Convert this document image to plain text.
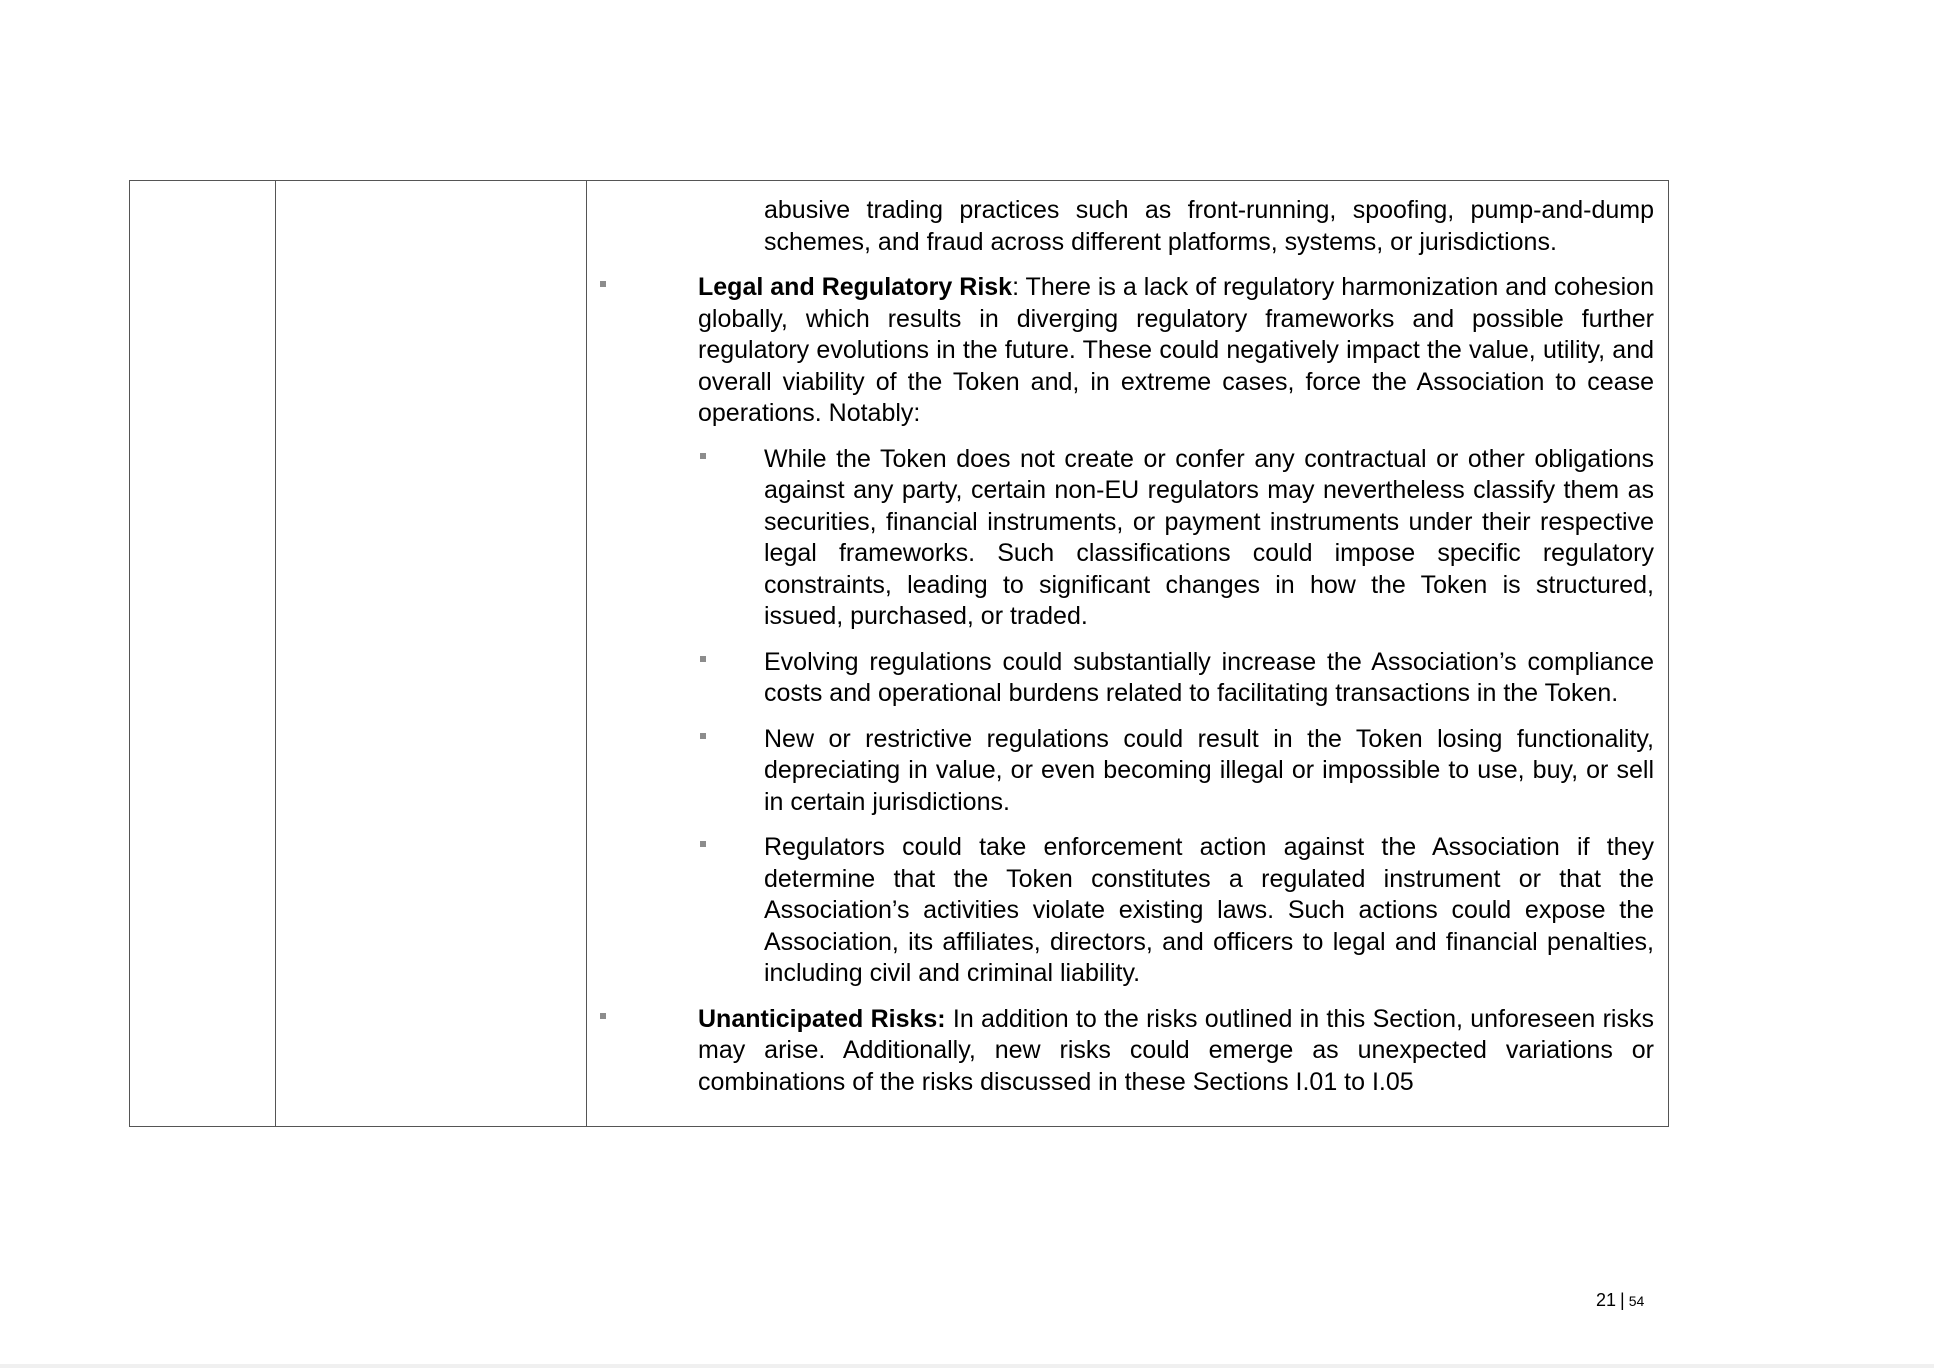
abusive trading practices such as front-running, spoofing, pump-and-dump schemes, and fraud across different platforms, systems, or jurisdictions.

Legal and Regulatory Risk: There is a lack of regulatory harmonization and cohesion globally, which results in diverging regulatory frameworks and possible further regulatory evolutions in the future. These could negatively impact the value, utility, and overall viability of the Token and, in extreme cases, force the Association to cease operations. Notably:

While the Token does not create or confer any contractual or other obligations against any party, certain non-EU regulators may nevertheless classify them as securities, financial instruments, or payment instruments under their respective legal frameworks. Such classifications could impose specific regulatory constraints, leading to significant changes in how the Token is structured, issued, purchased, or traded.

Evolving regulations could substantially increase the Association’s compliance costs and operational burdens related to facilitating transactions in the Token.

New or restrictive regulations could result in the Token losing functionality, depreciating in value, or even becoming illegal or impossible to use, buy, or sell in certain jurisdictions.

Regulators could take enforcement action against the Association if they determine that the Token constitutes a regulated instrument or that the Association’s activities violate existing laws. Such actions could expose the Association, its affiliates, directors, and officers to legal and financial penalties, including civil and criminal liability.

Unanticipated Risks: In addition to the risks outlined in this Section, unforeseen risks may arise. Additionally, new risks could emerge as unexpected variations or combinations of the risks discussed in these Sections I.01 to I.05

21 | 54
